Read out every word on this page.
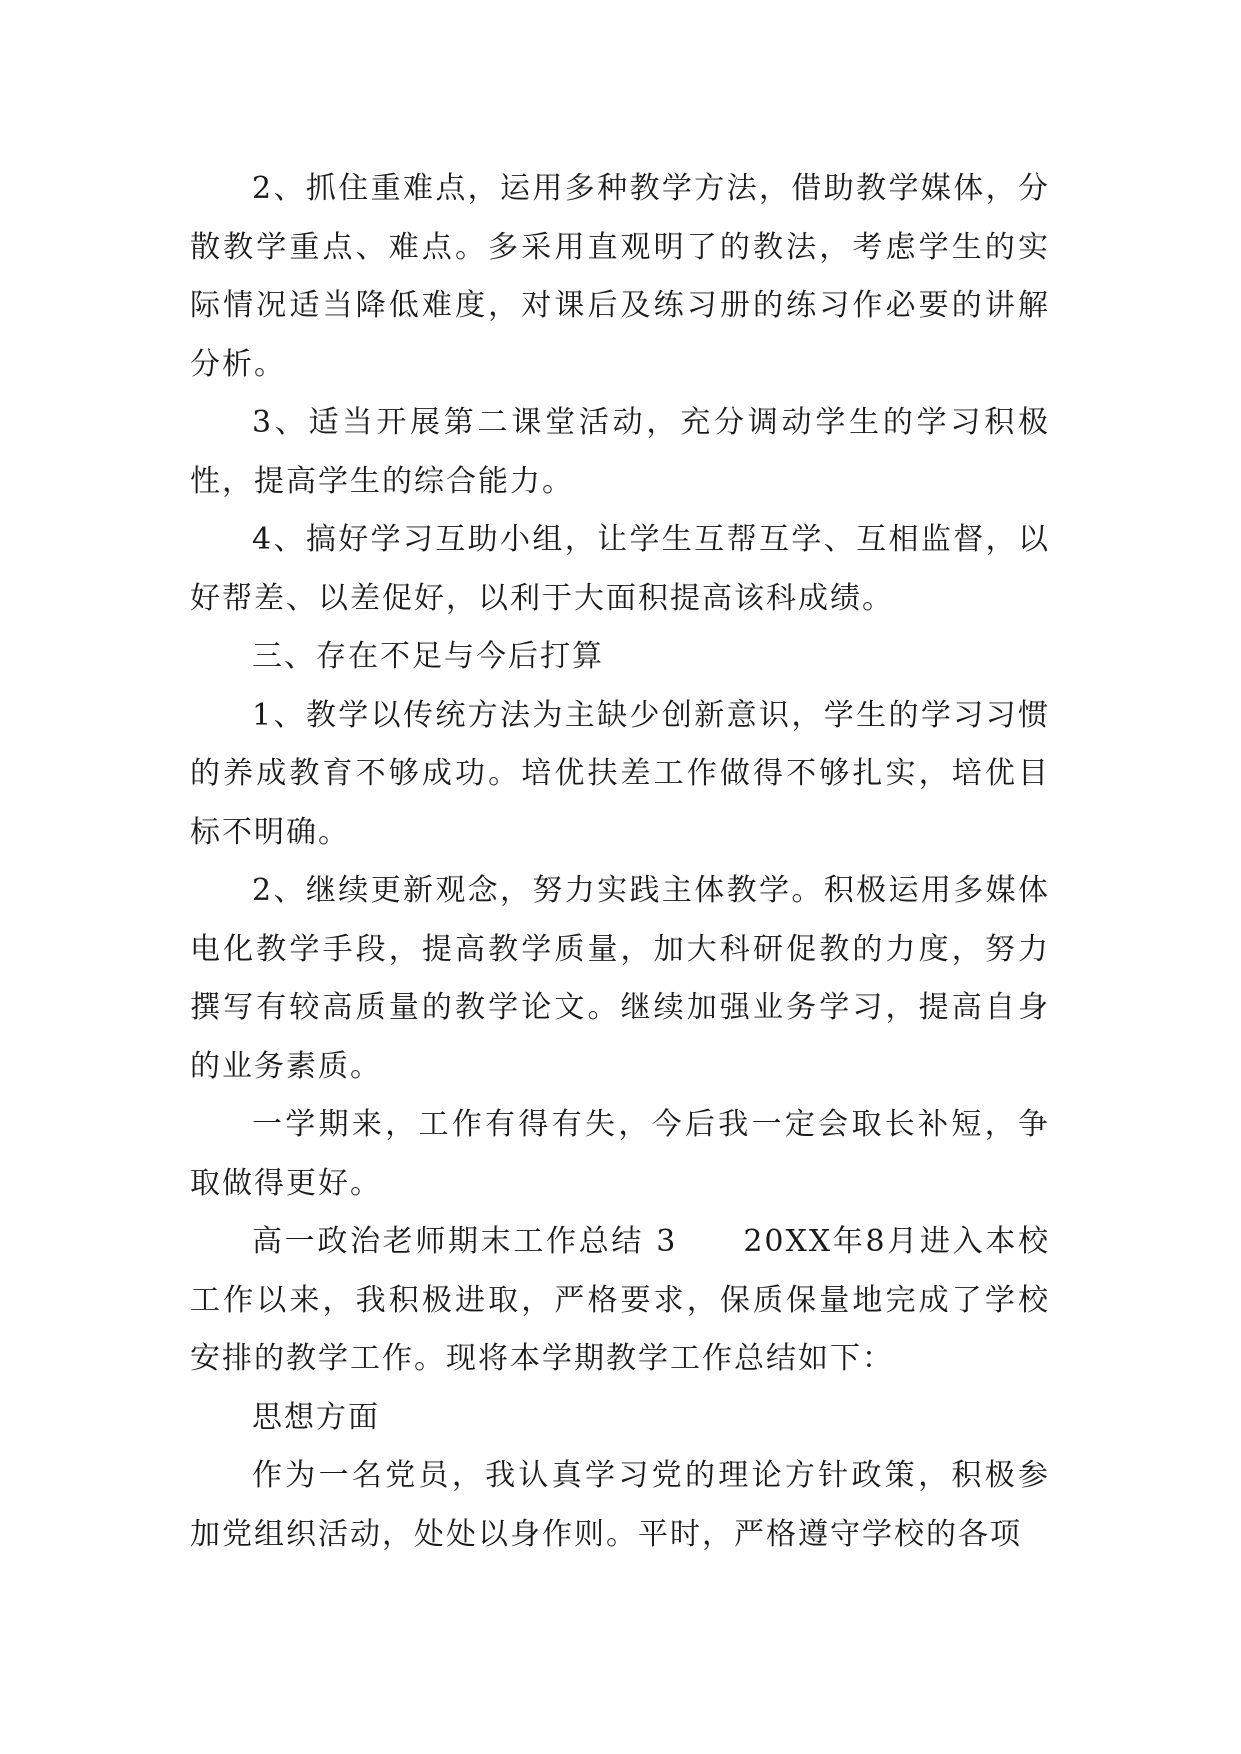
2、抓住重难点，运用多种教学方法，借助教学媒体，分散教学重点、难点。多采用直观明了的教法，考虑学生的实际情况适当降低难度，对课后及练习册的练习作必要的讲解分析。

3、适当开展第二课堂活动，充分调动学生的学习积极性，提高学生的综合能力。

4、搞好学习互助小组，让学生互帮互学、互相监督，以好帮差、以差促好，以利于大面积提高该科成绩。

三、存在不足与今后打算

1、教学以传统方法为主缺少创新意识，学生的学习习惯的养成教育不够成功。培优扶差工作做得不够扎实，培优目标不明确。

2、继续更新观念，努力实践主体教学。积极运用多媒体电化教学手段，提高教学质量，加大科研促教的力度，努力撰写有较高质量的教学论文。继续加强业务学习，提高自身的业务素质。

一学期来，工作有得有失，今后我一定会取长补短，争取做得更好。

高一政治老师期末工作总结 3　　20XX年8月进入本校工作以来，我积极进取，严格要求，保质保量地完成了学校安排的教学工作。现将本学期教学工作总结如下：

思想方面

作为一名党员，我认真学习党的理论方针政策，积极参加党组织活动，处处以身作则。平时，严格遵守学校的各项
